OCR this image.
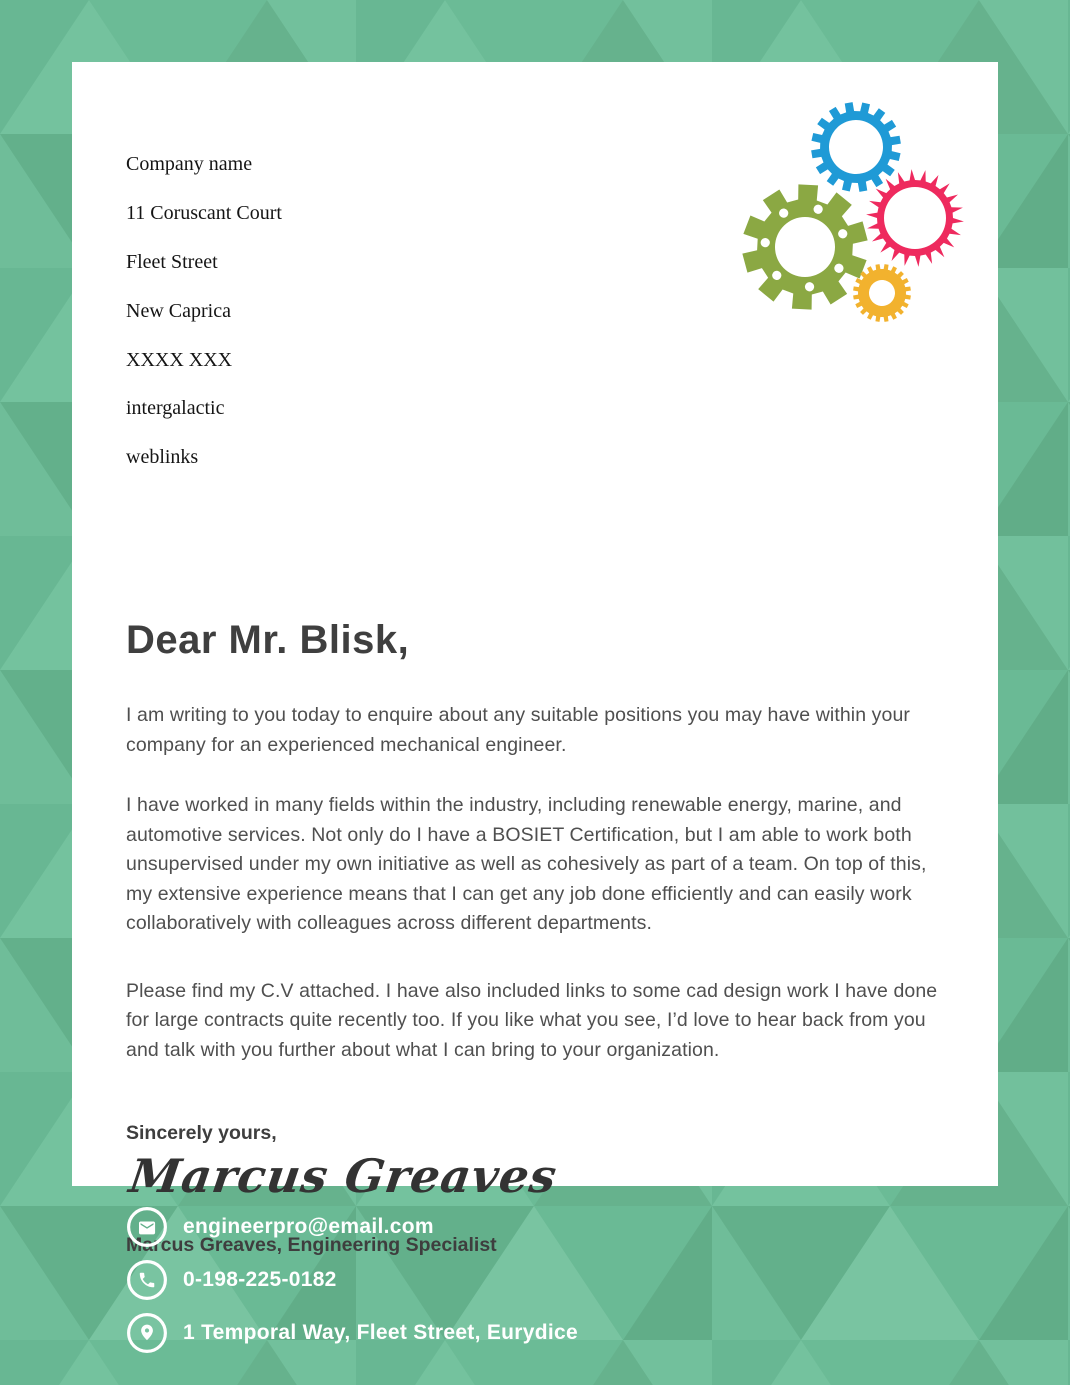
Company name

11 Coruscant Court

Fleet Street

New Caprica

XXXX XXX

intergalactic

weblinks

Dear Mr. Blisk,

I am writing to you today to enquire about any suitable positions you may have within your company for an experienced mechanical engineer.

I have worked in many fields within the industry, including renewable energy, marine, and automotive services. Not only do I have a BOSIET Certification, but I am able to work both unsupervised under my own initiative as well as cohesively as part of a team. On top of this, my extensive experience means that I can get any job done efficiently and can easily work collaboratively with colleagues across different departments.

Please find my C.V attached. I have also included links to some cad design work I have done for large contracts quite recently too. If you like what you see, I’d love to hear back from you and talk with you further about what I can bring to your organization.

Sincerely yours,
Marcus Greaves
Marcus Greaves, Engineering Specialist
engineerpro@email.com
0-198-225-0182
1 Temporal Way, Fleet Street, Eurydice
